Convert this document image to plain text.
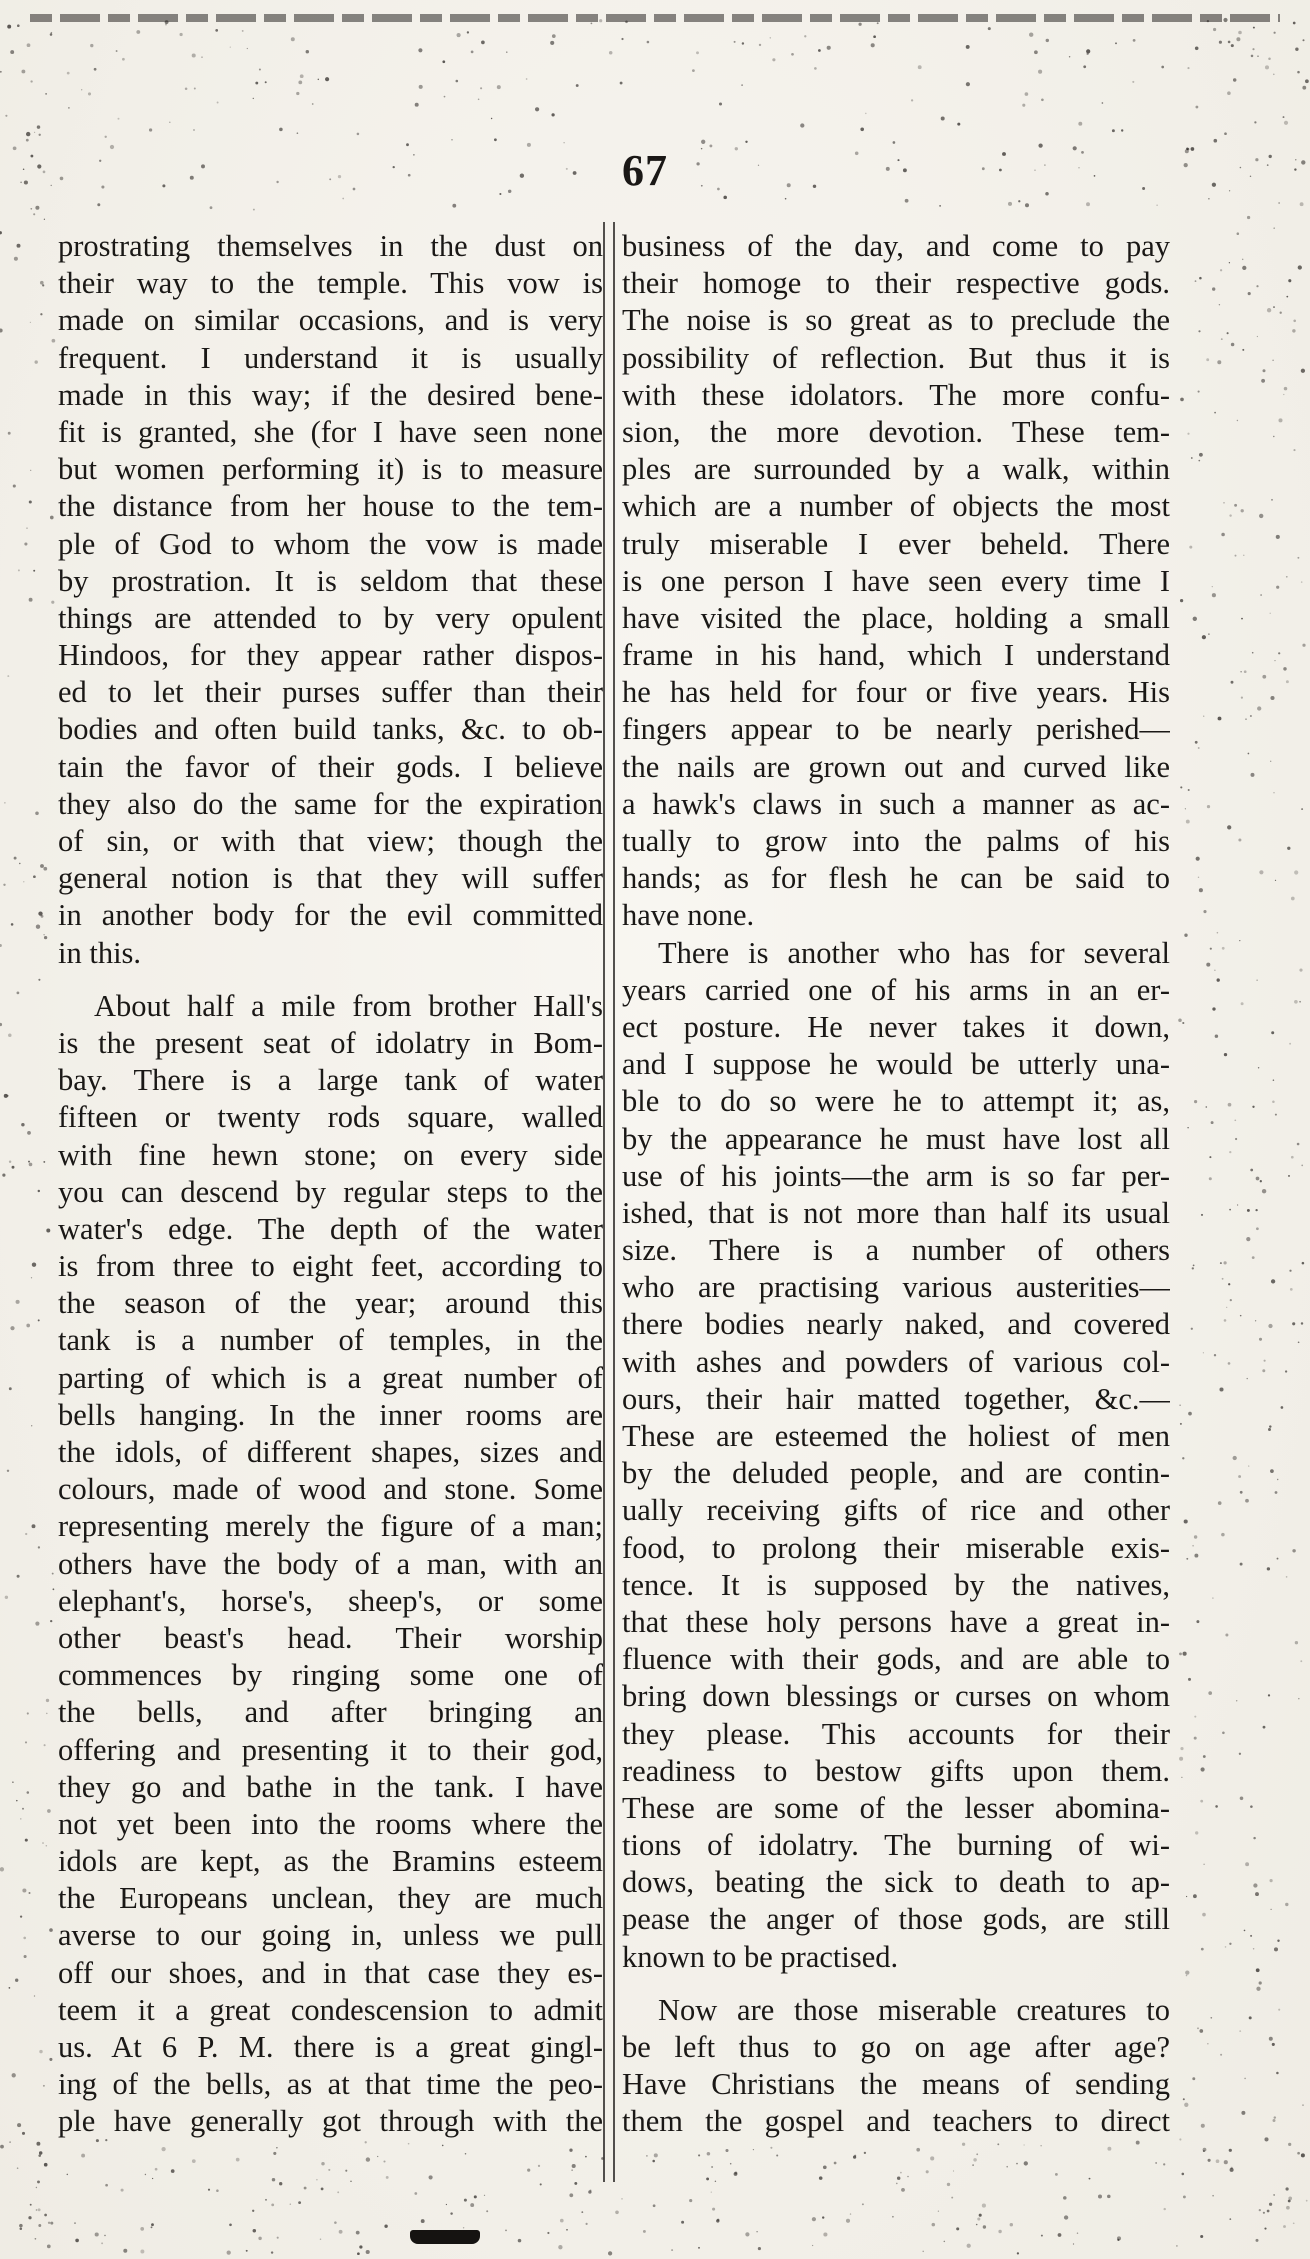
67
prostrating themselves in the dust on
their way to the temple. This vow is
made on similar occasions, and is very
frequent. I understand it is usually
made in this way; if the desired bene-
fit is granted, she (for I have seen none
but women performing it) is to measure
the distance from her house to the tem-
ple of God to whom the vow is made
by prostration. It is seldom that these
things are attended to by very opulent
Hindoos, for they appear rather dispos-
ed to let their purses suffer than their
bodies and often build tanks, &c. to ob-
tain the favor of their gods. I believe
they also do the same for the expiration
of sin, or with that view; though the
general notion is that they will suffer
in another body for the evil committed
in this.
About half a mile from brother Hall's
is the present seat of idolatry in Bom-
bay. There is a large tank of water
fifteen or twenty rods square, walled
with fine hewn stone; on every side
you can descend by regular steps to the
water's edge. The depth of the water
is from three to eight feet, according to
the season of the year; around this
tank is a number of temples, in the
parting of which is a great number of
bells hanging. In the inner rooms are
the idols, of different shapes, sizes and
colours, made of wood and stone. Some
representing merely the figure of a man;
others have the body of a man, with an
elephant's, horse's, sheep's, or some
other beast's head. Their worship
commences by ringing some one of
the bells, and after bringing an
offering and presenting it to their god,
they go and bathe in the tank. I have
not yet been into the rooms where the
idols are kept, as the Bramins esteem
the Europeans unclean, they are much
averse to our going in, unless we pull
off our shoes, and in that case they es-
teem it a great condescension to admit
us. At 6 P. M. there is a great gingl-
ing of the bells, as at that time the peo-
ple have generally got through with the
business of the day, and come to pay
their homoge to their respective gods.
The noise is so great as to preclude the
possibility of reflection. But thus it is
with these idolators. The more confu-
sion, the more devotion. These tem-
ples are surrounded by a walk, within
which are a number of objects the most
truly miserable I ever beheld. There
is one person I have seen every time I
have visited the place, holding a small
frame in his hand, which I understand
he has held for four or five years. His
fingers appear to be nearly perished—
the nails are grown out and curved like
a hawk's claws in such a manner as ac-
tually to grow into the palms of his
hands; as for flesh he can be said to
have none.
There is another who has for several
years carried one of his arms in an er-
ect posture. He never takes it down,
and I suppose he would be utterly una-
ble to do so were he to attempt it; as,
by the appearance he must have lost all
use of his joints—the arm is so far per-
ished, that is not more than half its usual
size. There is a number of others
who are practising various austerities—
there bodies nearly naked, and covered
with ashes and powders of various col-
ours, their hair matted together, &c.—
These are esteemed the holiest of men
by the deluded people, and are contin-
ually receiving gifts of rice and other
food, to prolong their miserable exis-
tence. It is supposed by the natives,
that these holy persons have a great in-
fluence with their gods, and are able to
bring down blessings or curses on whom
they please. This accounts for their
readiness to bestow gifts upon them.
These are some of the lesser abomina-
tions of idolatry. The burning of wi-
dows, beating the sick to death to ap-
pease the anger of those gods, are still
known to be practised.
Now are those miserable creatures to
be left thus to go on age after age?
Have Christians the means of sending
them the gospel and teachers to direct
